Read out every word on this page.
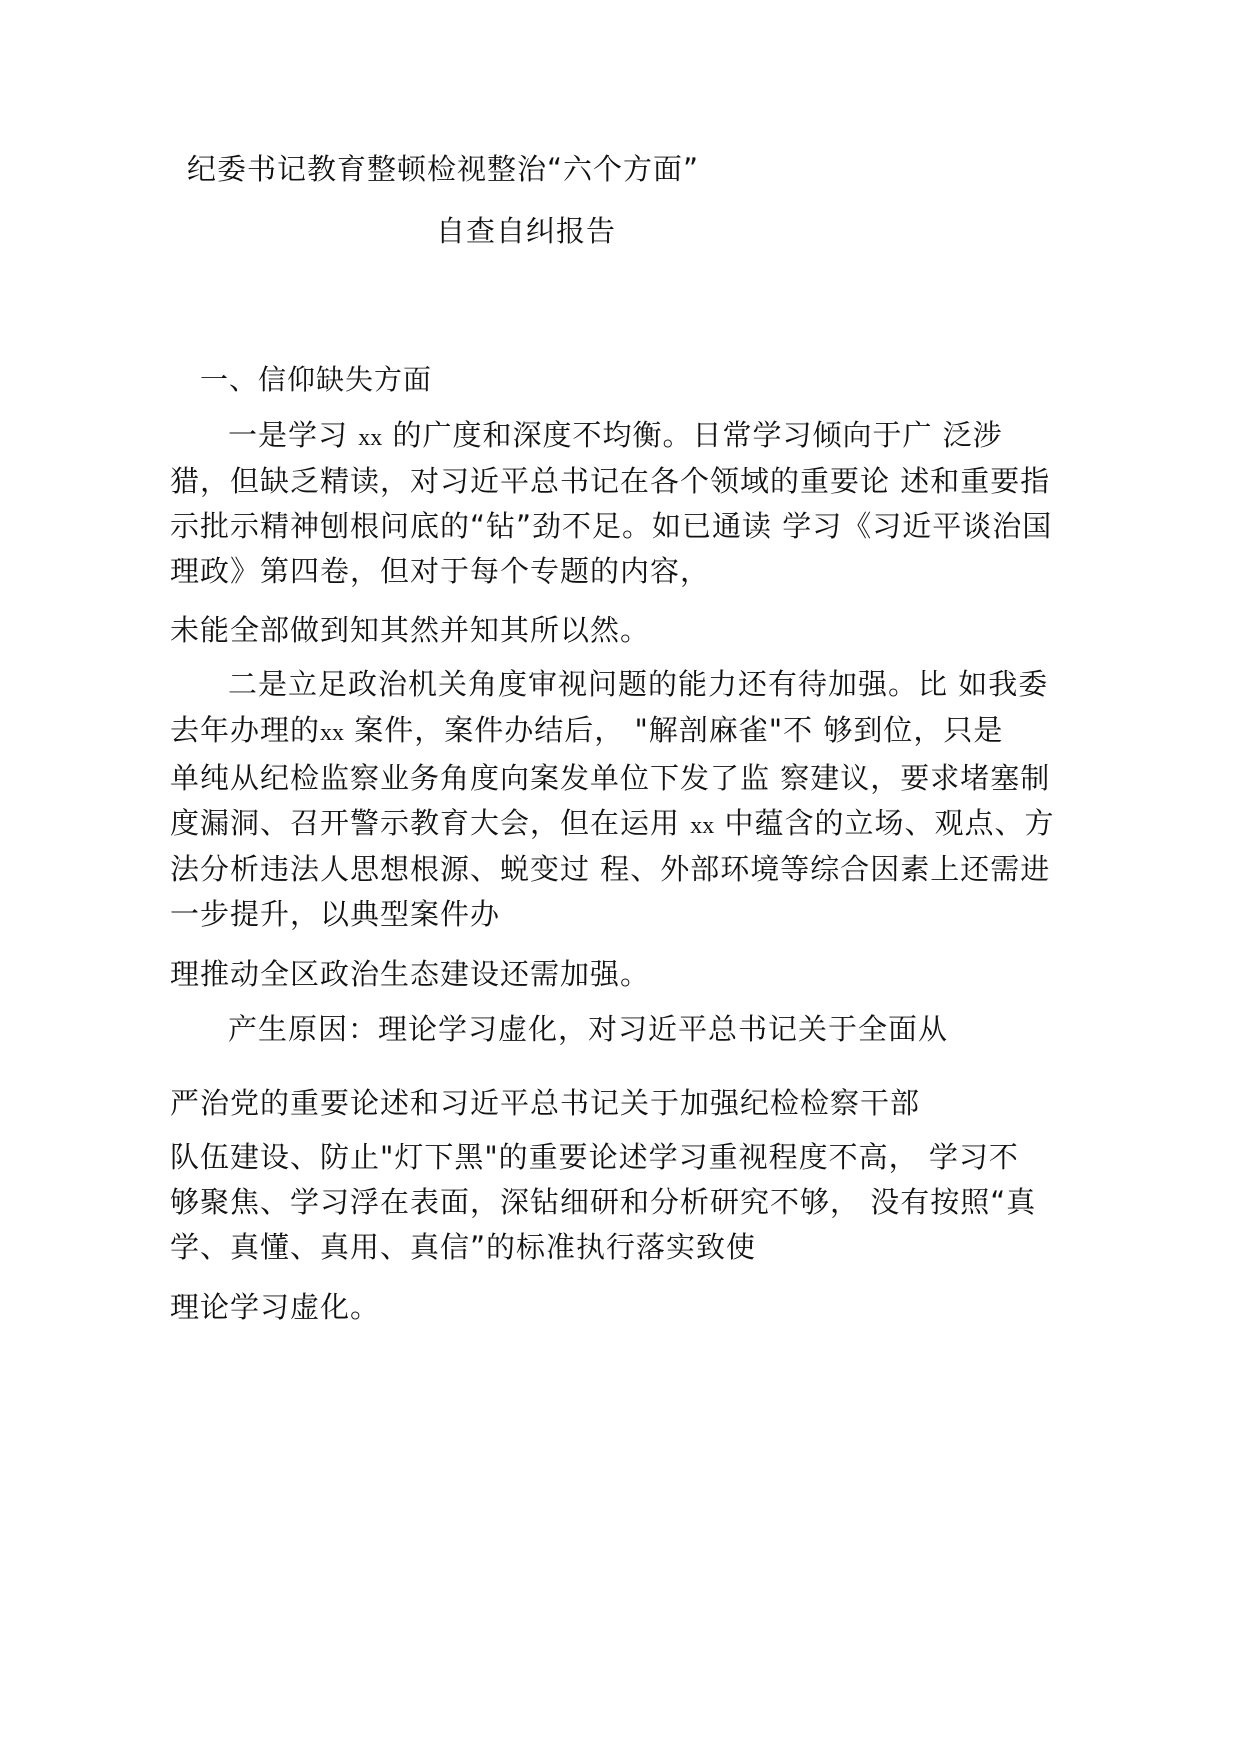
纪委书记教育整顿检视整治“六个方面”

自查自纠报告

一、信仰缺失方面

一是学习 xx 的广度和深度不均衡。日常学习倾向于广 泛涉

猎，但缺乏精读，对习近平总书记在各个领域的重要论 述和重要指

示批示精神刨根问底的“钻”劲不足。如已通读 学习《习近平谈治国

理政》第四卷，但对于每个专题的内容，

未能全部做到知其然并知其所以然。

二是立足政治机关角度审视问题的能力还有待加强。比 如我委

去年办理的xx 案件，案件办结后， "解剖麻雀"不 够到位，只是

单纯从纪检监察业务角度向案发单位下发了监 察建议，要求堵塞制

度漏洞、召开警示教育大会，但在运用 xx 中蕴含的立场、观点、方

法分析违法人思想根源、蜕变过 程、外部环境等综合因素上还需进

一步提升，以典型案件办

理推动全区政治生态建设还需加强。

产生原因：理论学习虚化，对习近平总书记关于全面从

严治党的重要论述和习近平总书记关于加强纪检检察干部

队伍建设、防止"灯下黑"的重要论述学习重视程度不高， 学习不

够聚焦、学习浮在表面，深钻细研和分析研究不够， 没有按照“真

学、真懂、真用、真信”的标准执行落实致使

理论学习虚化。
